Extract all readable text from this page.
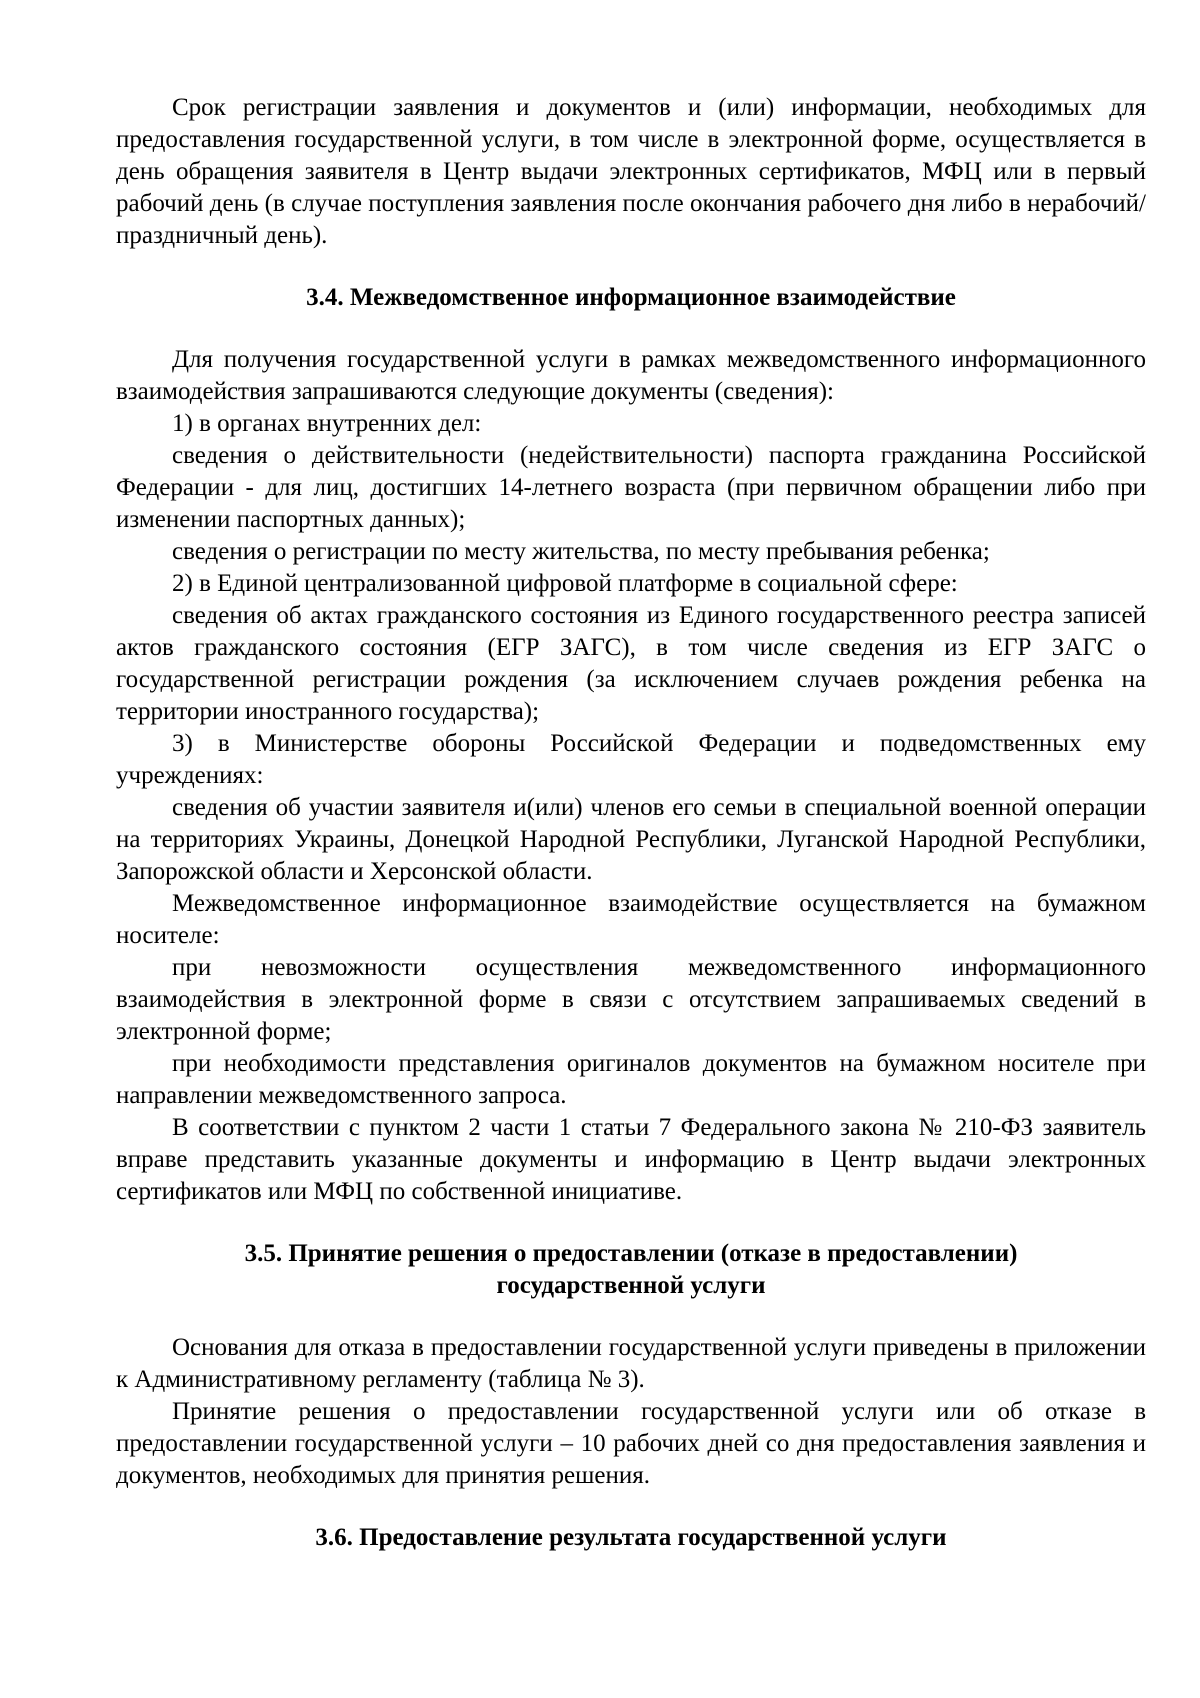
Срок регистрации заявления и документов и (или) информации, необходимых для предоставления государственной услуги, в том числе в электронной форме, осуществляется в день обращения заявителя в Центр выдачи электронных сертификатов, МФЦ или в первый рабочий день (в случае поступления заявления после окончания рабочего дня либо в нерабочий/праздничный день).

3.4. Межведомственное информационное взаимодействие

Для получения государственной услуги в рамках межведомственного информационного взаимодействия запрашиваются следующие документы (сведения):

1) в органах внутренних дел:

сведения о действительности (недействительности) паспорта гражданина Российской Федерации - для лиц, достигших 14-летнего возраста (при первичном обращении либо при изменении паспортных данных);

сведения о регистрации по месту жительства, по месту пребывания ребенка;

2) в Единой централизованной цифровой платформе в социальной сфере:

сведения об актах гражданского состояния из Единого государственного реестра записей актов гражданского состояния (ЕГР ЗАГС), в том числе сведения из ЕГР ЗАГС о государственной регистрации рождения (за исключением случаев рождения ребенка на территории иностранного государства);

3) в Министерстве обороны Российской Федерации и подведомственных ему учреждениях:

сведения об участии заявителя и(или) членов его семьи в специальной военной операции на территориях Украины, Донецкой Народной Республики, Луганской Народной Республики, Запорожской области и Херсонской области.

Межведомственное информационное взаимодействие осуществляется на бумажном носителе:

при невозможности осуществления межведомственного информационного взаимодействия в электронной форме в связи с отсутствием запрашиваемых сведений в электронной форме;

при необходимости представления оригиналов документов на бумажном носителе при направлении межведомственного запроса.

В соответствии с пунктом 2 части 1 статьи 7 Федерального закона № 210-ФЗ заявитель вправе представить указанные документы и информацию в Центр выдачи электронных сертификатов или МФЦ по собственной инициативе.

3.5. Принятие решения о предоставлении (отказе в предоставлении)
государственной услуги

Основания для отказа в предоставлении государственной услуги приведены в приложении к Административному регламенту (таблица № 3).

Принятие решения о предоставлении государственной услуги или об отказе в предоставлении государственной услуги – 10 рабочих дней со дня предоставления заявления и документов, необходимых для принятия решения.

3.6. Предоставление результата государственной услуги
